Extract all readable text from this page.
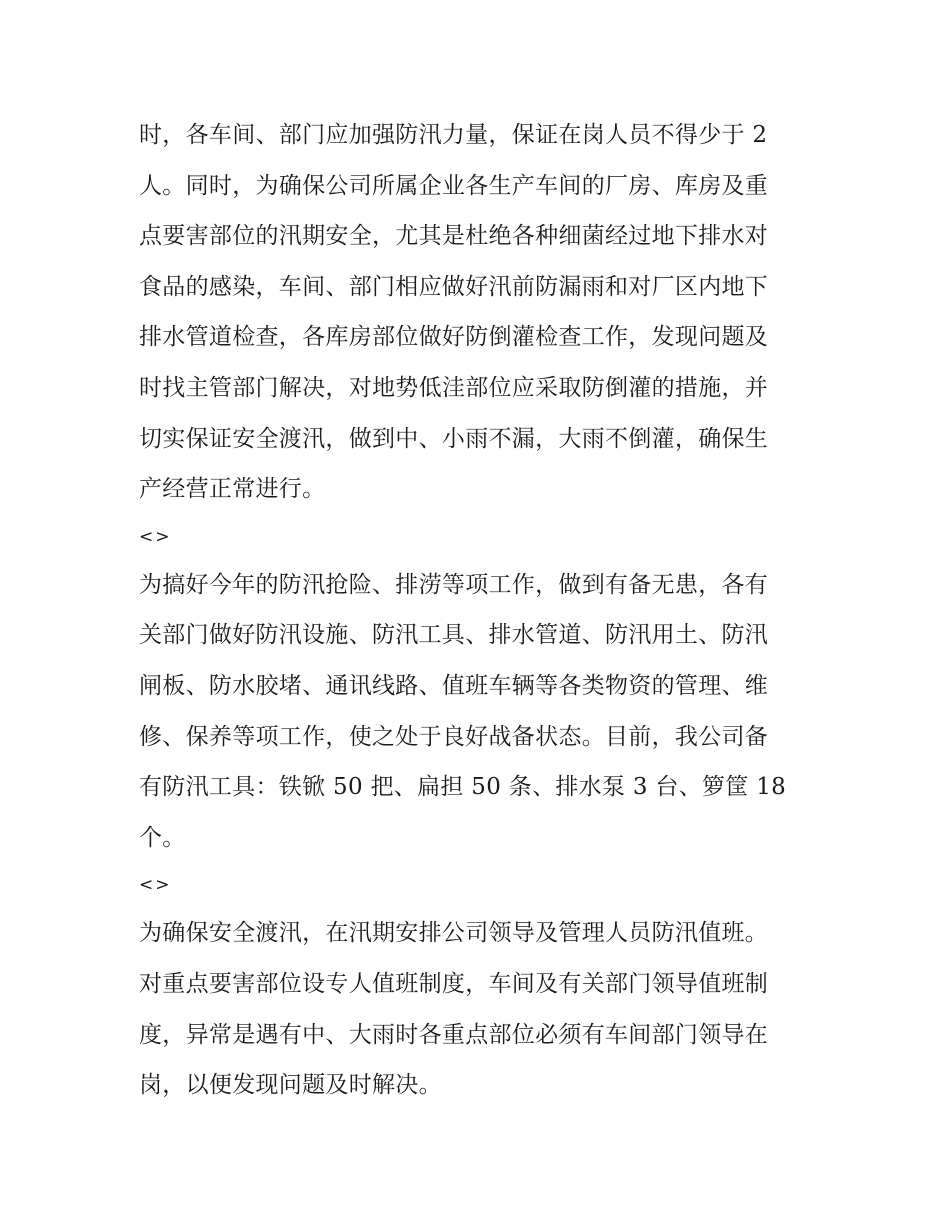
时，各车间、部门应加强防汛力量，保证在岗人员不得少于 2
人。同时，为确保公司所属企业各生产车间的厂房、库房及重
点要害部位的汛期安全，尤其是杜绝各种细菌经过地下排水对
食品的感染，车间、部门相应做好汛前防漏雨和对厂区内地下
排水管道检查，各库房部位做好防倒灌检查工作，发现问题及
时找主管部门解决，对地势低洼部位应采取防倒灌的措施，并
切实保证安全渡汛，做到中、小雨不漏，大雨不倒灌，确保生
产经营正常进行。
<>
为搞好今年的防汛抢险、排涝等项工作，做到有备无患，各有
关部门做好防汛设施、防汛工具、排水管道、防汛用土、防汛
闸板、防水胶堵、通讯线路、值班车辆等各类物资的管理、维
修、保养等项工作，使之处于良好战备状态。目前，我公司备
有防汛工具：铁锨 50 把、扁担 50 条、排水泵 3 台、箩筐 18
个。
<>
为确保安全渡汛，在汛期安排公司领导及管理人员防汛值班。
对重点要害部位设专人值班制度，车间及有关部门领导值班制
度，异常是遇有中、大雨时各重点部位必须有车间部门领导在
岗，以便发现问题及时解决。
